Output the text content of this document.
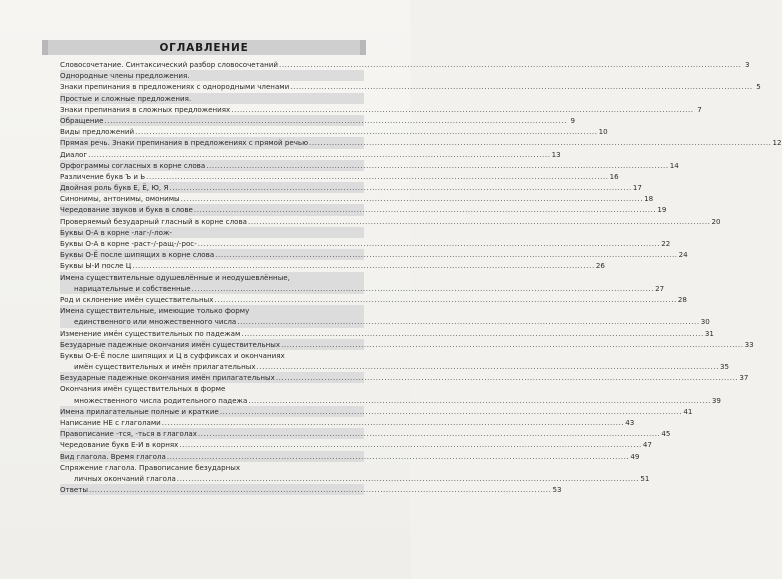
ОГЛАВЛЕНИЕ
Словосочетание. Синтаксический разбор словосочетаний .................................................................................................................................................................. 3
Однородные члены предложения.
Знаки препинания в предложениях с однородными членами .................................................................................................................................................................. 5
Простые и сложные предложения.
Знаки препинания в сложных предложениях .................................................................................................................................................................. 7
Обращение .................................................................................................................................................................. 9
Виды предложений .................................................................................................................................................................. 10
Прямая речь. Знаки препинания в предложениях с прямой речью .................................................................................................................................................................. 12
Диалог .................................................................................................................................................................. 13
Орфограммы согласных в корне слова .................................................................................................................................................................. 14
Различение букв Ъ и Ь .................................................................................................................................................................. 16
Двойная роль букв Е, Ё, Ю, Я .................................................................................................................................................................. 17
Синонимы, антонимы, омонимы .................................................................................................................................................................. 18
Чередование звуков и букв в слове .................................................................................................................................................................. 19
Проверяемый безударный гласный в корне слова .................................................................................................................................................................. 20
Буквы О-А в корне -лаг-/-лож-
Буквы О-А в корне -раст-/-ращ-/-рос- .................................................................................................................................................................. 22
Буквы О-Ё после шипящих в корне слова .................................................................................................................................................................. 24
Буквы Ы-И после Ц .................................................................................................................................................................. 26
Имена существительные одушевлённые и неодушевлённые,
нарицательные и собственные .................................................................................................................................................................. 27
Род и склонение имён существительных .................................................................................................................................................................. 28
Имена существительные, имеющие только форму
единственного или множественного числа .................................................................................................................................................................. 30
Изменение имён существительных по падежам .................................................................................................................................................................. 31
Безударные падежные окончания имён существительных .................................................................................................................................................................. 33
Буквы О-Е-Ё после шипящих и Ц в суффиксах и окончаниях
имён существительных и имён прилагательных .................................................................................................................................................................. 35
Безударные падежные окончания имён прилагательных .................................................................................................................................................................. 37
Окончания имён существительных в форме
множественного числа родительного падежа .................................................................................................................................................................. 39
Имена прилагательные полные и краткие .................................................................................................................................................................. 41
Написание НЕ с глаголами .................................................................................................................................................................. 43
Правописание -тся, -ться в глаголах .................................................................................................................................................................. 45
Чередование букв Е-И в корнях .................................................................................................................................................................. 47
Вид глагола. Время глагола .................................................................................................................................................................. 49
Спряжение глагола. Правописание безударных
личных окончаний глагола .................................................................................................................................................................. 51
Ответы .................................................................................................................................................................. 53
